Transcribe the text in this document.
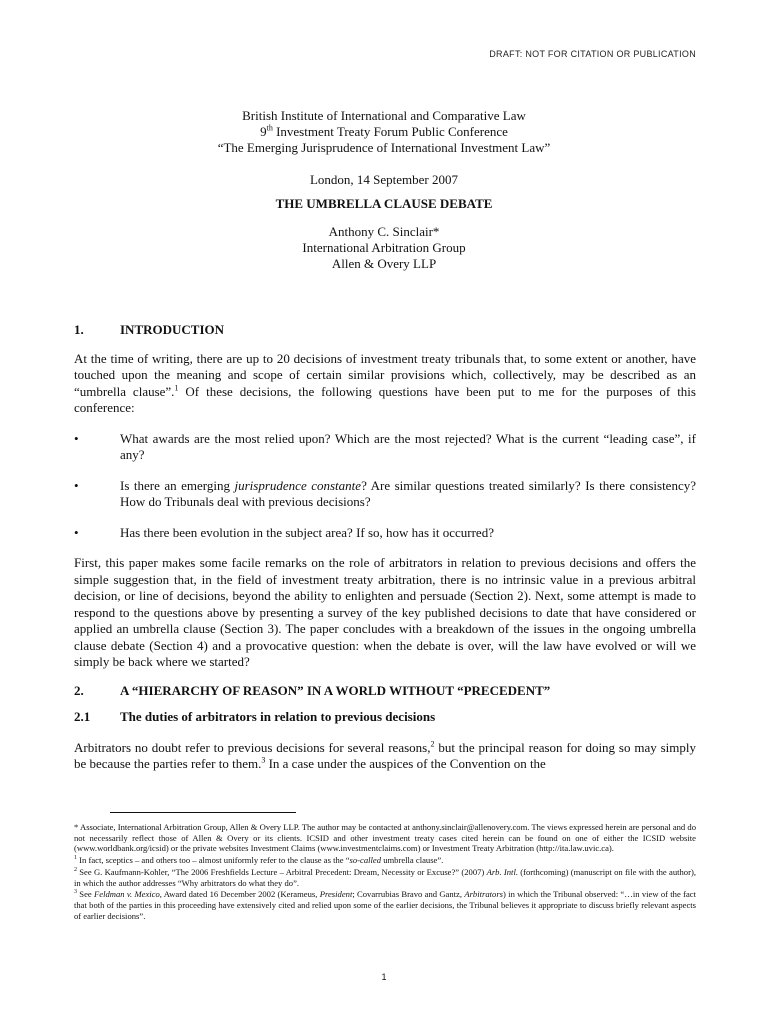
DRAFT: NOT FOR CITATION OR PUBLICATION
British Institute of International and Comparative Law
9th Investment Treaty Forum Public Conference
“The Emerging Jurisprudence of International Investment Law”
London, 14 September 2007
THE UMBRELLA CLAUSE DEBATE
Anthony C. Sinclair*
International Arbitration Group
Allen & Overy LLP
1.	INTRODUCTION

At the time of writing, there are up to 20 decisions of investment treaty tribunals that, to some extent or another, have touched upon the meaning and scope of certain similar provisions which, collectively, may be described as an “umbrella clause”.$^1$ Of these decisions, the following questions have been put to me for the purposes of this conference:

•	What awards are the most relied upon? Which are the most rejected? What is the current “leading case”, if any?
•	Is there an emerging jurisprudence constante? Are similar questions treated similarly? Is there consistency? How do Tribunals deal with previous decisions?
•	Has there been evolution in the subject area? If so, how has it occurred?

First, this paper makes some facile remarks on the role of arbitrators in relation to previous decisions and offers the simple suggestion that, in the field of investment treaty arbitration, there is no intrinsic value in a previous arbitral decision, or line of decisions, beyond the ability to enlighten and persuade (Section 2). Next, some attempt is made to respond to the questions above by presenting a survey of the key published decisions to date that have considered or applied an umbrella clause (Section 3). The paper concludes with a breakdown of the issues in the ongoing umbrella clause debate (Section 4) and a provocative question: when the debate is over, will the law have evolved or will we simply be back where we started?

2.	A “HIERARCHY OF REASON” IN A WORLD WITHOUT “PRECEDENT”
2.1	The duties of arbitrators in relation to previous decisions

Arbitrators no doubt refer to previous decisions for several reasons,$^2$ but the principal reason for doing so may simply be because the parties refer to them.$^3$ In a case under the auspices of the Convention on the

* Associate, International Arbitration Group, Allen & Overy LLP. The author may be contacted at anthony.sinclair@allenovery.com. The views expressed herein are personal and do not necessarily reflect those of Allen & Overy or its clients. ICSID and other investment treaty cases cited herein can be found on one of either the ICSID website (www.worldbank.org/icsid) or the private websites Investment Claims (www.investmentclaims.com) or Investment Treaty Arbitration (http://ita.law.uvic.ca).

$^1$ In fact, sceptics – and others too – almost uniformly refer to the clause as the “so-called umbrella clause”.

$^2$ See G. Kaufmann-Kohler, “The 2006 Freshfields Lecture – Arbitral Precedent: Dream, Necessity or Excuse?” (2007) Arb. Intl. (forthcoming) (manuscript on file with the author), in which the author addresses “Why arbitrators do what they do”.

$^3$ See Feldman v. Mexico, Award dated 16 December 2002 (Kerameus, President; Covarrubias Bravo and Gantz, Arbitrators) in which the Tribunal observed: “…in view of the fact that both of the parties in this proceeding have extensively cited and relied upon some of the earlier decisions, the Tribunal believes it appropriate to discuss briefly relevant aspects of earlier decisions”.

1
